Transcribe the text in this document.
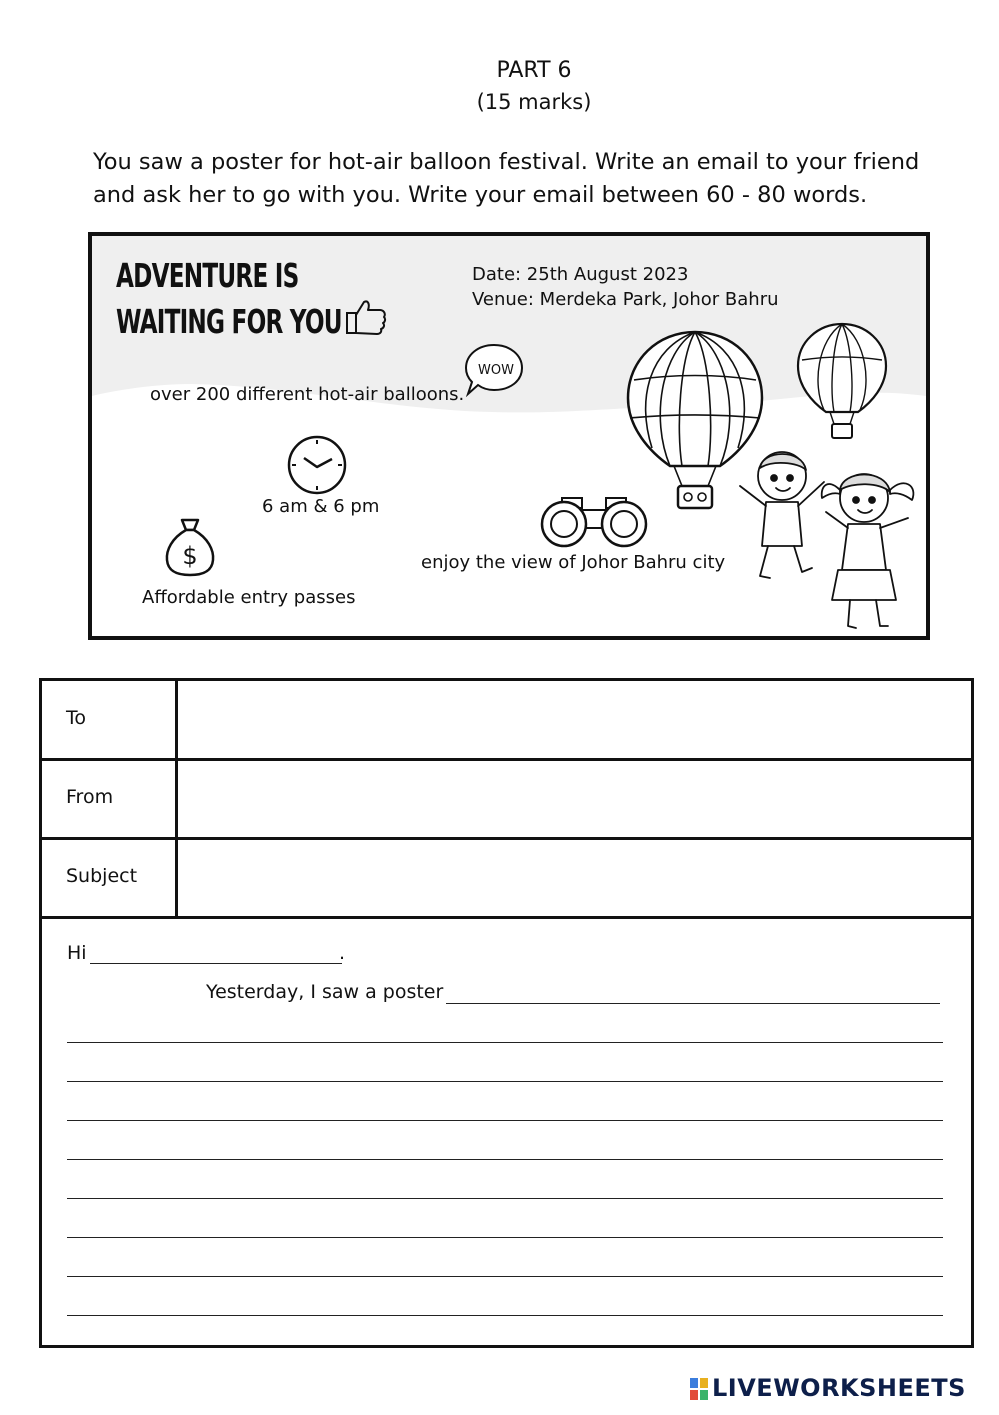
PART 6
(15 marks)
You saw a poster for hot-air balloon festival. Write an email to your friend and ask her to go with you. Write your email between 60 - 80 words.
ADVENTURE IS
WAITING FOR YOU
Date: 25th August 2023
Venue: Merdeka Park, Johor Bahru
WOW
over 200 different hot-air balloons.
6 am & 6 pm
enjoy the view of Johor Bahru city
$
Affordable entry passes
To
From
Subject
Hi	.
Yesterday, I saw a poster
LIVEWORKSHEETS
